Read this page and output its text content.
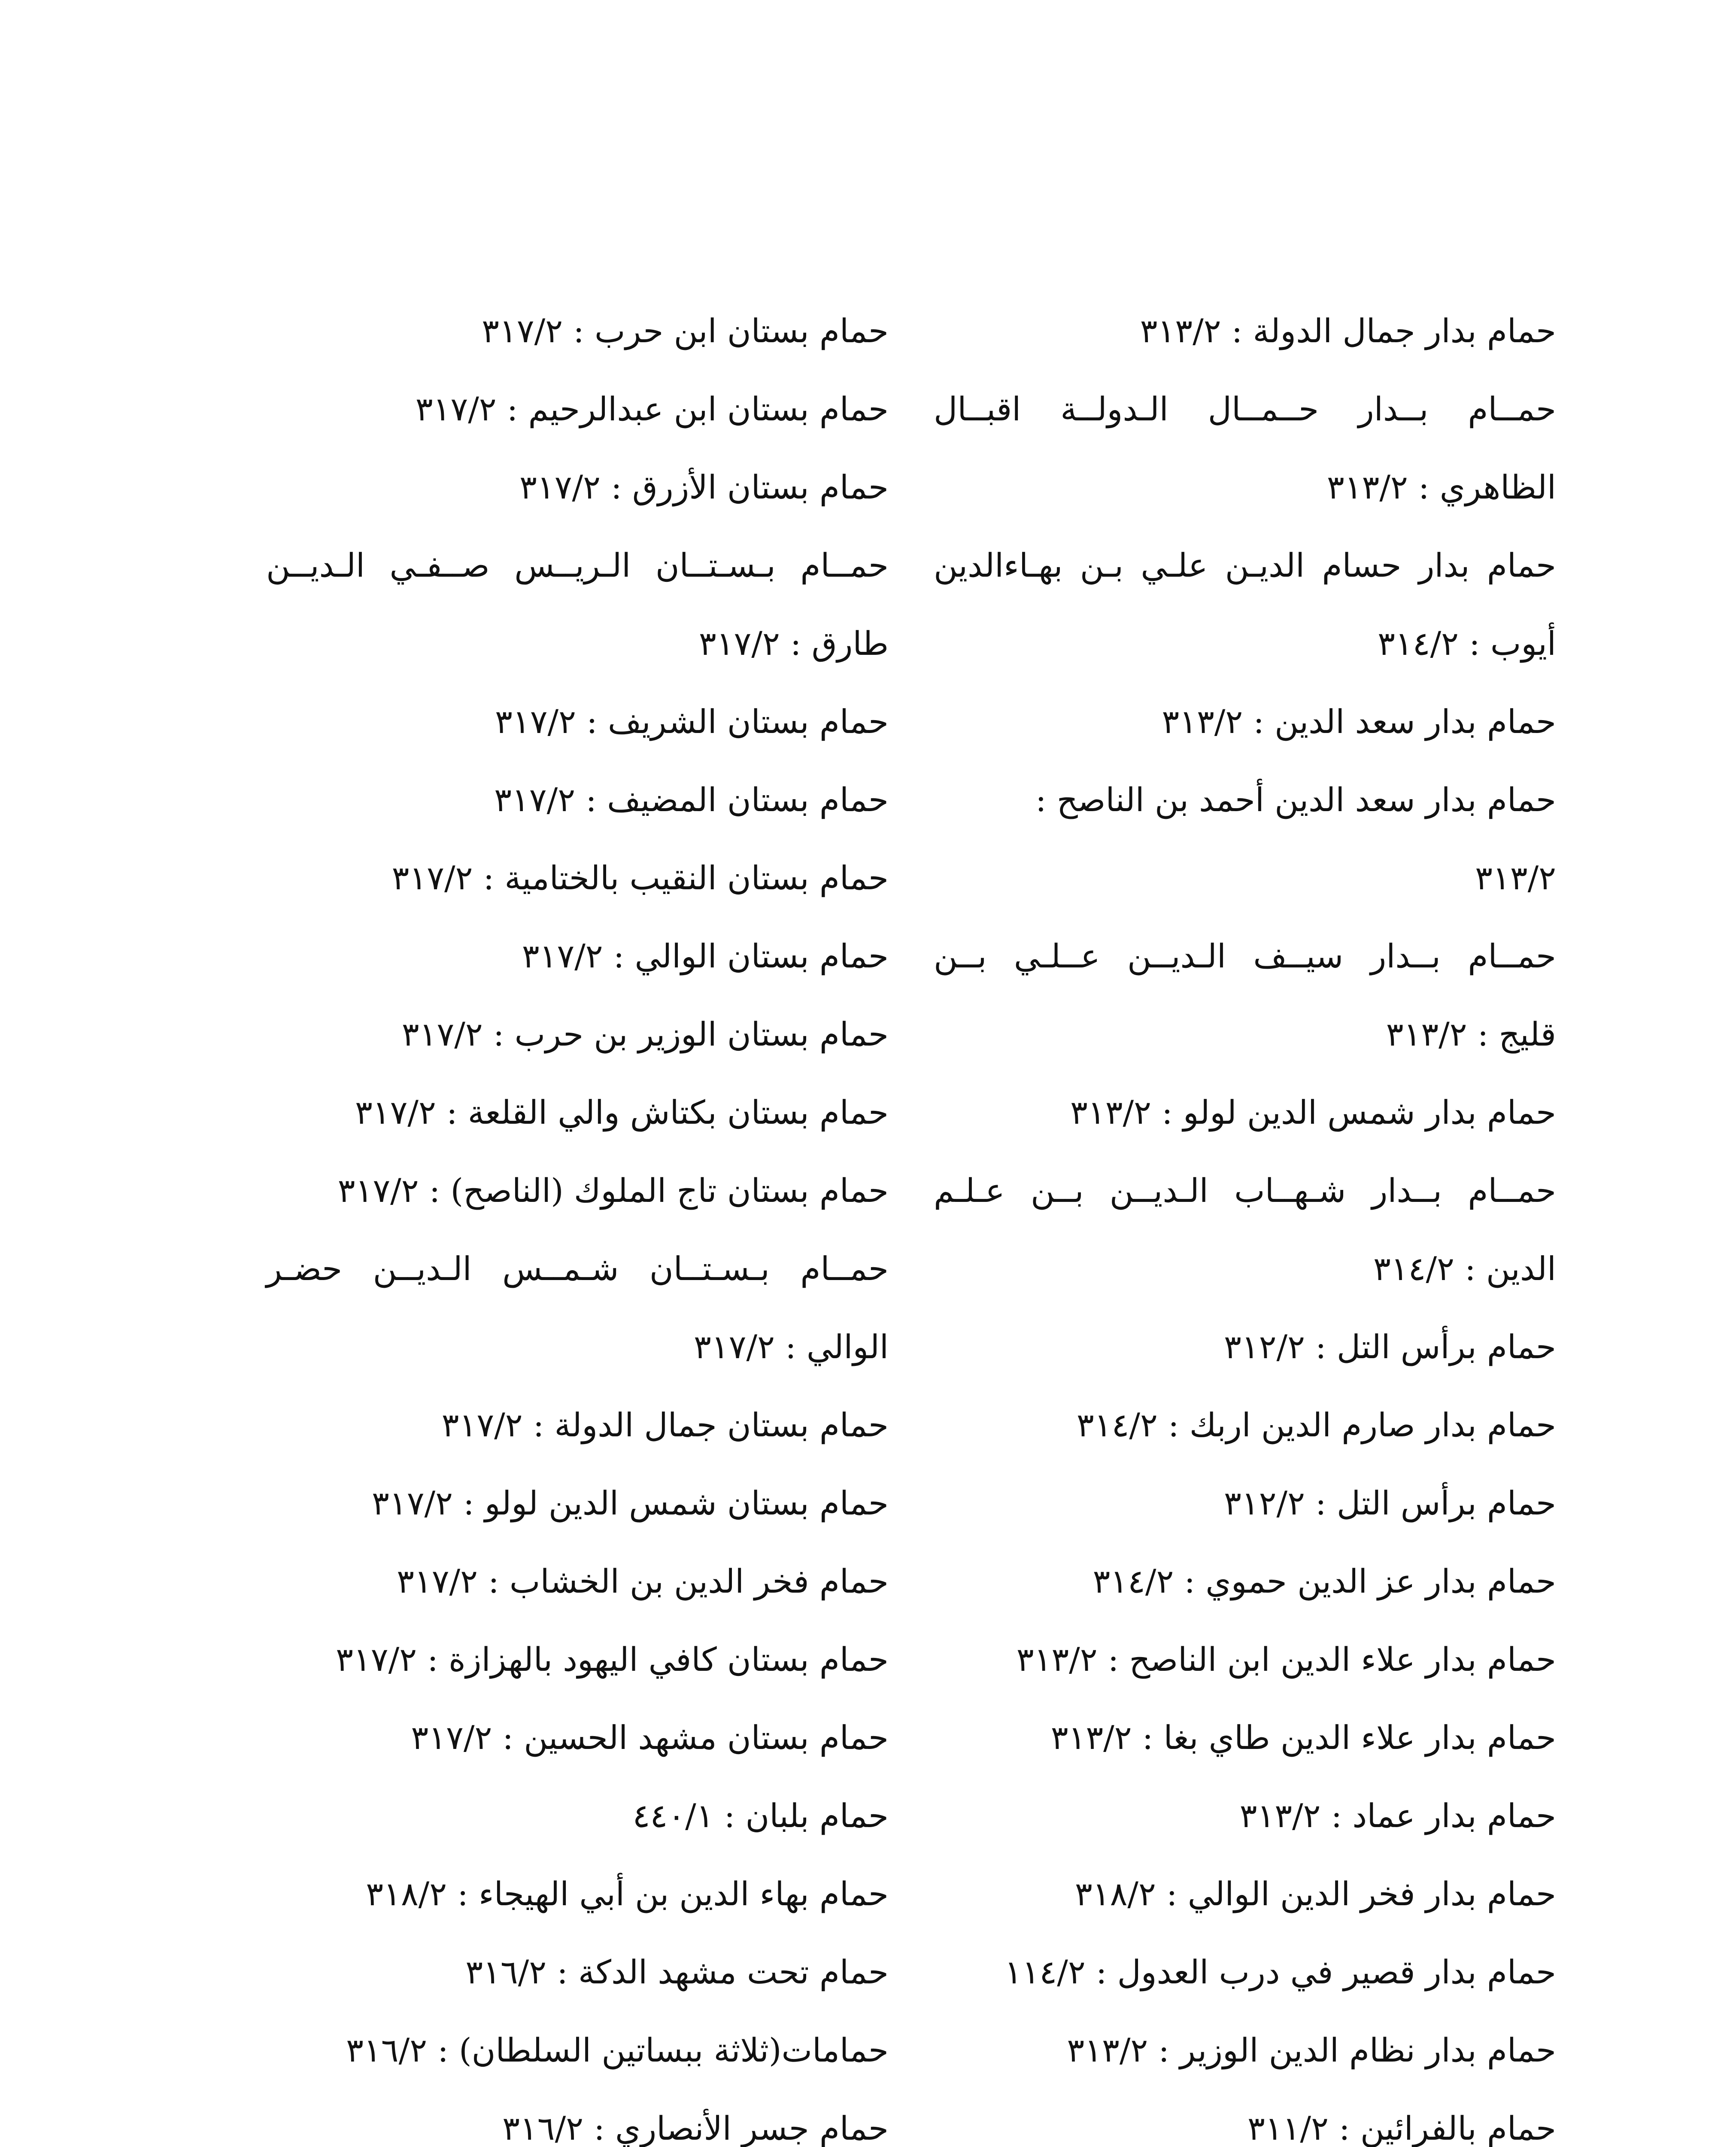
حمام بدار جمال الدولة : ٣١٣/٢
حمــام بــدار حــمــال الـدولــة اقبــال
الظاهري : ٣١٣/٢
حمام بدار حسام الديـن علـي بـن بهـاءالدين
أيوب : ٣١٤/٢
حمام بدار سعد الدين : ٣١٣/٢
حمام بدار سعد الدين أحمد بن الناصح :
٣١٣/٢
حمــام بــدار سيــف الـديــن عــلـي بــن
قليج : ٣١٣/٢
حمام بدار شمس الدين لولو : ٣١٣/٢
حمــام بــدار شـهــاب الـديــن بــن عـلـم
الدين : ٣١٤/٢
حمام برأس التل : ٣١٢/٢
حمام بدار صارم الدين اربك : ٣١٤/٢
حمام برأس التل : ٣١٢/٢
حمام بدار عز الدين حموي : ٣١٤/٢
حمام بدار علاء الدين ابن الناصح : ٣١٣/٢
حمام بدار علاء الدين طاي بغا : ٣١٣/٢
حمام بدار عماد : ٣١٣/٢
حمام بدار فخر الدين الوالي : ٣١٨/٢
حمام بدار قصير في درب العدول : ١١٤/٢
حمام بدار نظام الدين الوزير : ٣١٣/٢
حمام بالفرائين : ٣١١/٢
حمام بستان ابن حرب : ٣١٧/٢
حمام بستان ابن عبدالرحيم : ٣١٧/٢
حمام بستان الأزرق : ٣١٧/٢
حمــام بـسـتــان الـريــس صــفـي الـديــن
طارق : ٣١٧/٢
حمام بستان الشريف : ٣١٧/٢
حمام بستان المضيف : ٣١٧/٢
حمام بستان النقيب بالختامية : ٣١٧/٢
حمام بستان الوالي : ٣١٧/٢
حمام بستان الوزير بن حرب : ٣١٧/٢
حمام بستان بكتاش والي القلعة : ٣١٧/٢
حمام بستان تاج الملوك (الناصح) : ٣١٧/٢
حمــام بـسـتــان شـمــس الـديــن حضـر
الوالي : ٣١٧/٢
حمام بستان جمال الدولة : ٣١٧/٢
حمام بستان شمس الدين لولو : ٣١٧/٢
حمام فخر الدين بن الخشاب : ٣١٧/٢
حمام بستان كافي اليهود بالهزازة : ٣١٧/٢
حمام بستان مشهد الحسين : ٣١٧/٢
حمام بلبان : ٤٤٠/١
حمام بهاء الدين بن أبي الهيجاء : ٣١٨/٢
حمام تحت مشهد الدكة : ٣١٦/٢
حمامات(ثلاثة ببساتين السلطان) : ٣١٦/٢
حمام جسر الأنصاري : ٣١٦/٢
